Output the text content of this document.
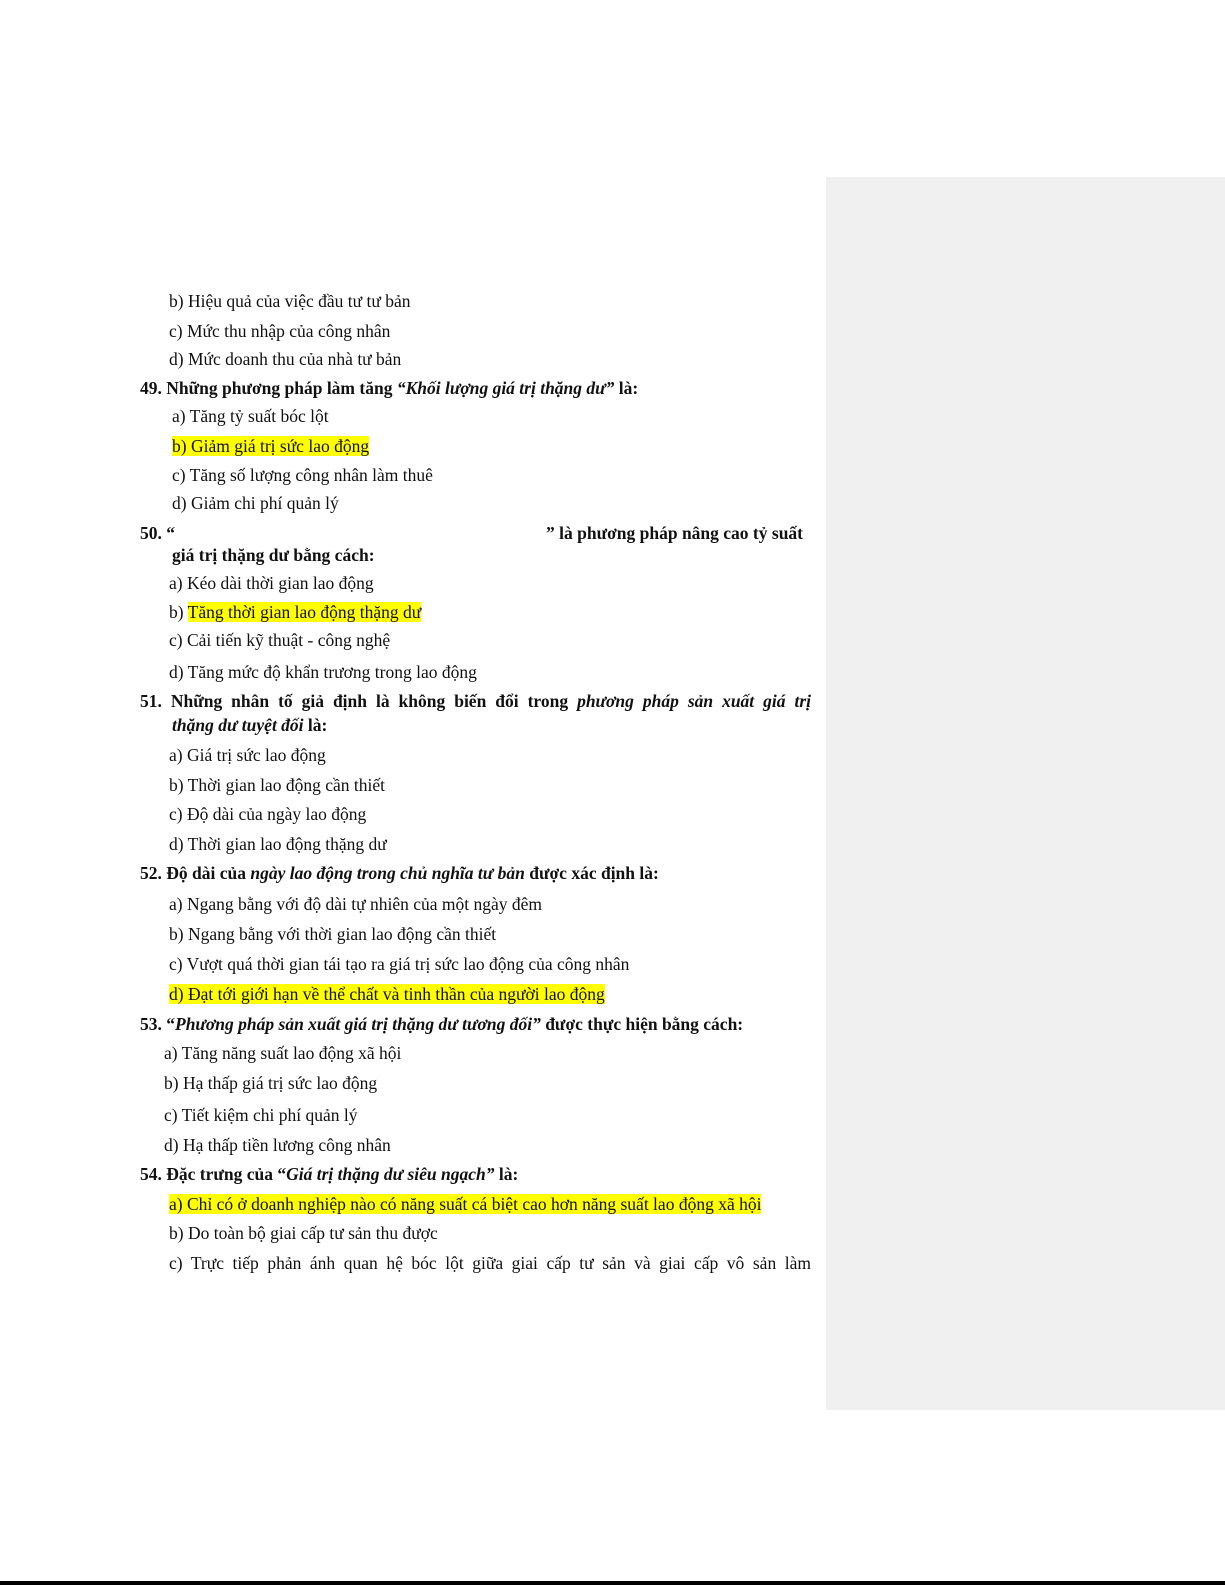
b) Hiệu quả của việc đầu tư tư bản
c) Mức thu nhập của công nhân
d) Mức doanh thu của nhà tư bản
49. Những phương pháp làm tăng “Khối lượng giá trị thặng dư” là:
a) Tăng tỷ suất bóc lột
b) Giảm giá trị sức lao động
c) Tăng số lượng công nhân làm thuê
d) Giảm chi phí quản lý
50. “	” là phương pháp nâng cao tỷ suất
giá trị thặng dư bằng cách:
a) Kéo dài thời gian lao động
b) Tăng thời gian lao động thặng dư
c) Cải tiến kỹ thuật - công nghệ
d) Tăng mức độ khẩn trương trong lao động
51. Những nhân tố giả định là không biến đổi trong phương pháp sản xuất giá trị
thặng dư tuyệt đối là:
a) Giá trị sức lao động
b) Thời gian lao động cần thiết
c) Độ dài của ngày lao động
d) Thời gian lao động thặng dư
52. Độ dài của ngày lao động trong chủ nghĩa tư bản được xác định là:
a) Ngang bằng với độ dài tự nhiên của một ngày đêm
b) Ngang bằng với thời gian lao động cần thiết
c) Vượt quá thời gian tái tạo ra giá trị sức lao động của công nhân
d) Đạt tới giới hạn về thể chất và tinh thần của người lao động
53. “Phương pháp sản xuất giá trị thặng dư tương đối” được thực hiện bằng cách:
a) Tăng năng suất lao động xã hội
b) Hạ thấp giá trị sức lao động
c) Tiết kiệm chi phí quản lý
d) Hạ thấp tiền lương công nhân
54. Đặc trưng của “Giá trị thặng dư siêu ngạch” là:
a) Chỉ có ở doanh nghiệp nào có năng suất cá biệt cao hơn năng suất lao động xã hội
b) Do toàn bộ giai cấp tư sản thu được
c) Trực tiếp phản ánh quan hệ bóc lột giữa giai cấp tư sản và giai cấp vô sản làm
